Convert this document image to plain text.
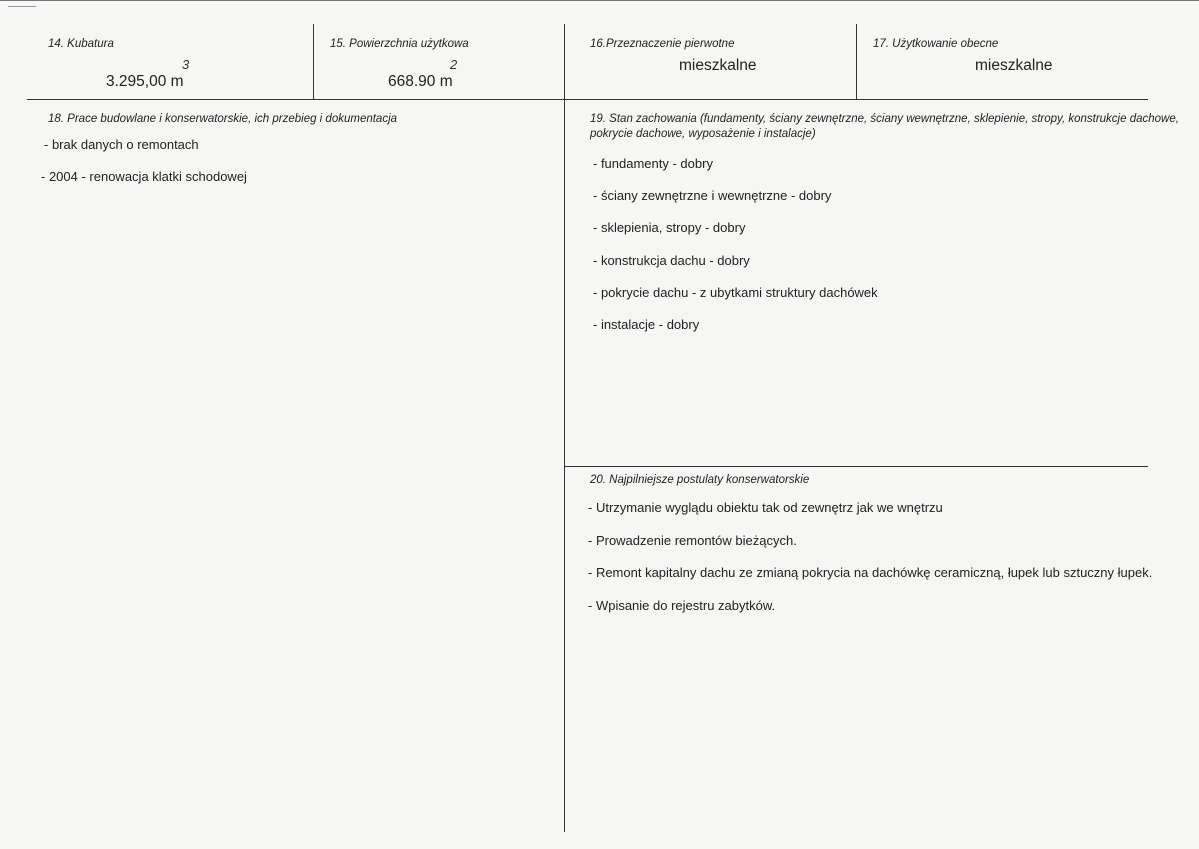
14. Kubatura
3
3.295,00 m
15. Powierzchnia użytkowa
2
668.90 m
16.Przeznaczenie pierwotne
mieszkalne
17. Użytkowanie obecne
mieszkalne
18. Prace budowlane i konserwatorskie, ich przebieg i dokumentacja
- brak danych o remontach
- 2004 - renowacja klatki schodowej
19. Stan zachowania (fundamenty, ściany zewnętrzne, ściany wewnętrzne, sklepienie, stropy, konstrukcje dachowe,
pokrycie dachowe, wyposażenie i instalacje)
- fundamenty - dobry
- ściany zewnętrzne i wewnętrzne - dobry
- sklepienia, stropy - dobry
- konstrukcja dachu - dobry
- pokrycie dachu - z ubytkami struktury dachówek
- instalacje - dobry
20. Najpilniejsze postulaty konserwatorskie
- Utrzymanie wyglądu obiektu tak od zewnętrz jak we wnętrzu
- Prowadzenie remontów bieżących.
- Remont kapitalny dachu ze zmianą pokrycia na dachówkę ceramiczną, łupek lub sztuczny łupek.
- Wpisanie do rejestru zabytków.
